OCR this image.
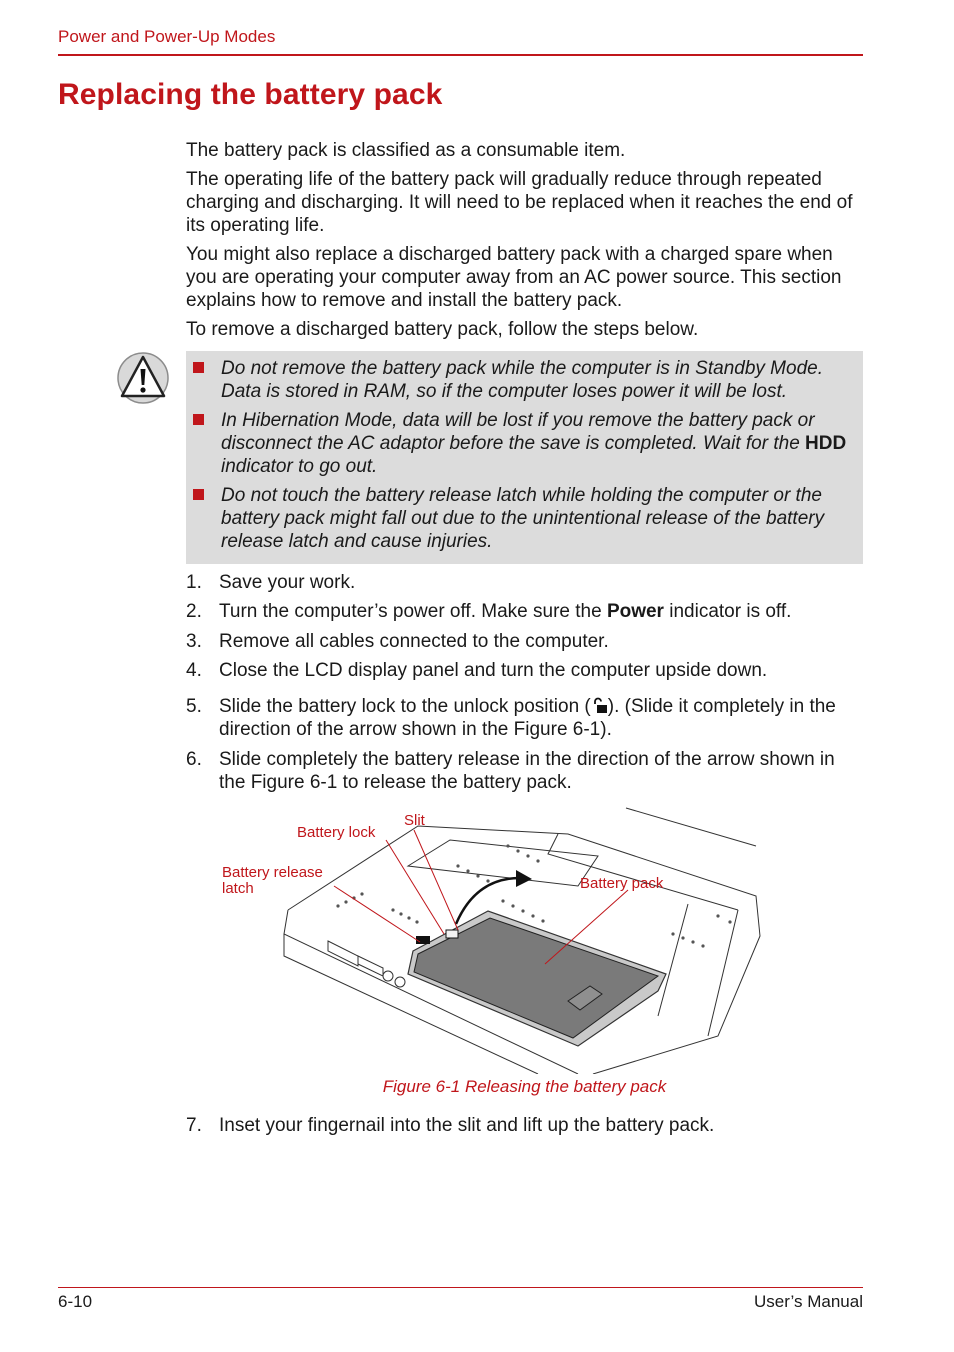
Power and Power-Up Modes
Replacing the battery pack

The battery pack is classified as a consumable item.

The operating life of the battery pack will gradually reduce through repeated charging and discharging. It will need to be replaced when it reaches the end of its operating life.

You might also replace a discharged battery pack with a charged spare when you are operating your computer away from an AC power source. This section explains how to remove and install the battery pack.

To remove a discharged battery pack, follow the steps below.

Do not remove the battery pack while the computer is in Standby Mode. Data is stored in RAM, so if the computer loses power it will be lost.

In Hibernation Mode, data will be lost if you remove the battery pack or disconnect the AC adaptor before the save is completed. Wait for the HDD indicator to go out.

Do not touch the battery release latch while holding the computer or the battery pack might fall out due to the unintentional release of the battery release latch and cause injuries.

1. Save your work.

2. Turn the computer’s power off. Make sure the Power indicator is off.

3. Remove all cables connected to the computer.

4. Close the LCD display panel and turn the computer upside down.

5. Slide the battery lock to the unlock position ( ). (Slide it completely in the direction of the arrow shown in the Figure 6-1).

6. Slide completely the battery release in the direction of the arrow shown in the Figure 6-1 to release the battery pack.

Battery lock
Slit
Battery release
latch	Battery pack
Figure 6-1 Releasing the battery pack
7. Inset your fingernail into the slit and lift up the battery pack.

6-10	User’s Manual
